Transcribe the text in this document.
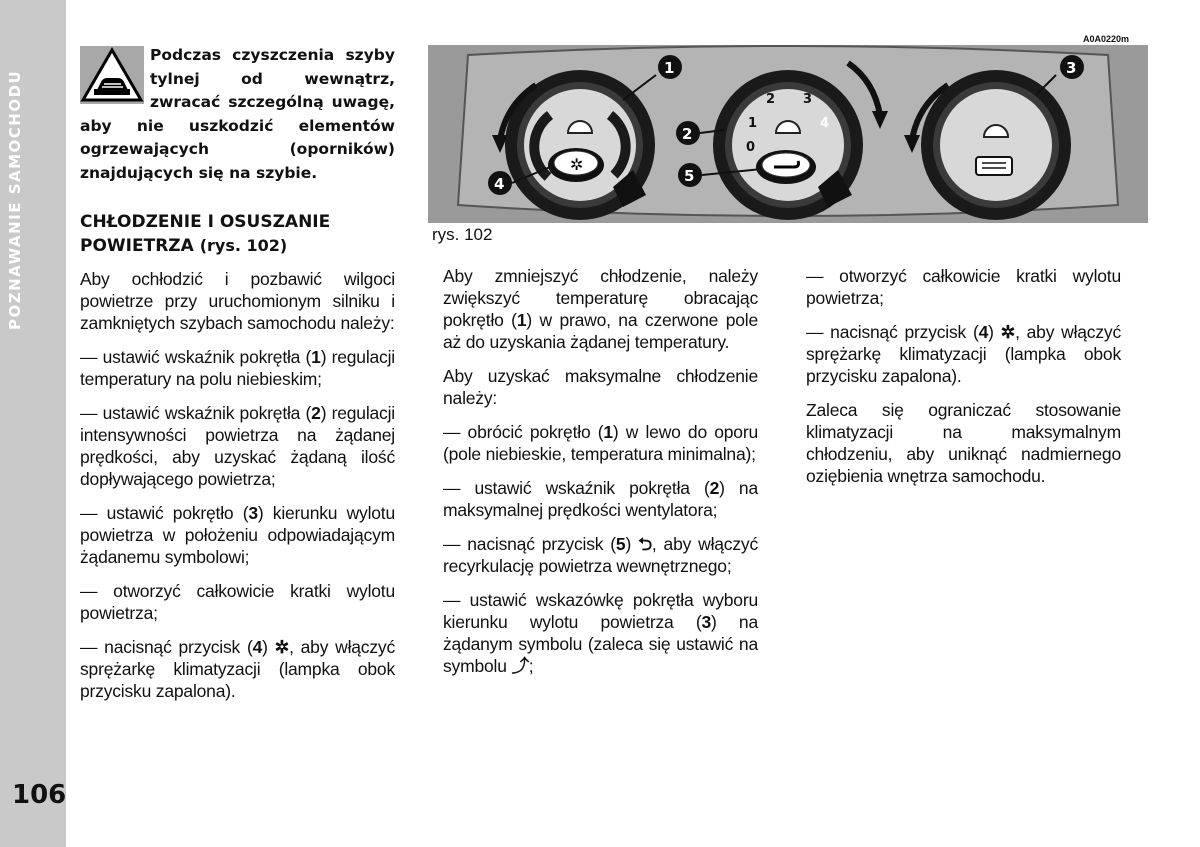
POZNAWANIE SAMOCHODU
106

Podczas czyszczenia szyby tylnej od wewnątrz, zwracać szczególną uwagę, aby nie uszkodzić elementów ogrzewających (oporników) znajdujących się na szybie.

CHŁODZENIE I OSUSZANIE POWIETRZA (rys. 102)

Aby ochłodzić i pozbawić wilgoci powietrze przy uruchomionym silniku i zamkniętych szybach samochodu należy:

— ustawić wskaźnik pokrętła (1) regulacji temperatury na polu niebieskim;

— ustawić wskaźnik pokrętła (2) regulacji intensywności powietrza na żądanej prędkości, aby uzyskać żądaną ilość dopływającego powietrza;

— ustawić pokrętło (3) kierunku wylotu powietrza w położeniu odpowiadającym żądanemu symbolowi;

— otworzyć całkowicie kratki wylotu powietrza;

— nacisnąć przycisk (4) ✲, aby włączyć sprężarkę klimatyzacji (lampka obok przycisku zapalona).

A0A0220m
✲
0
1
2 3
4
1
2
3
4	5
rys. 102

Aby zmniejszyć chłodzenie, należy zwiększyć temperaturę obracając pokrętło (1) w prawo, na czerwone pole aż do uzyskania żądanej temperatury.

Aby uzyskać maksymalne chłodzenie należy:

— obrócić pokrętło (1) w lewo do oporu (pole niebieskie, temperatura minimalna);

— ustawić wskaźnik pokrętła (2) na maksymalnej prędkości wentylatora;

— nacisnąć przycisk (5) ⮌, aby włączyć recyrkulację powietrza wewnętrznego;

— ustawić wskazówkę pokrętła wyboru kierunku wylotu powietrza (3) na żądanym symbolu (zaleca się ustawić na symbolu ⤴;

— otworzyć całkowicie kratki wylotu powietrza;

— nacisnąć przycisk (4) ✲, aby włączyć sprężarkę klimatyzacji (lampka obok przycisku zapalona).

Zaleca się ograniczać stosowanie klimatyzacji na maksymalnym chłodzeniu, aby uniknąć nadmiernego oziębienia wnętrza samochodu.
